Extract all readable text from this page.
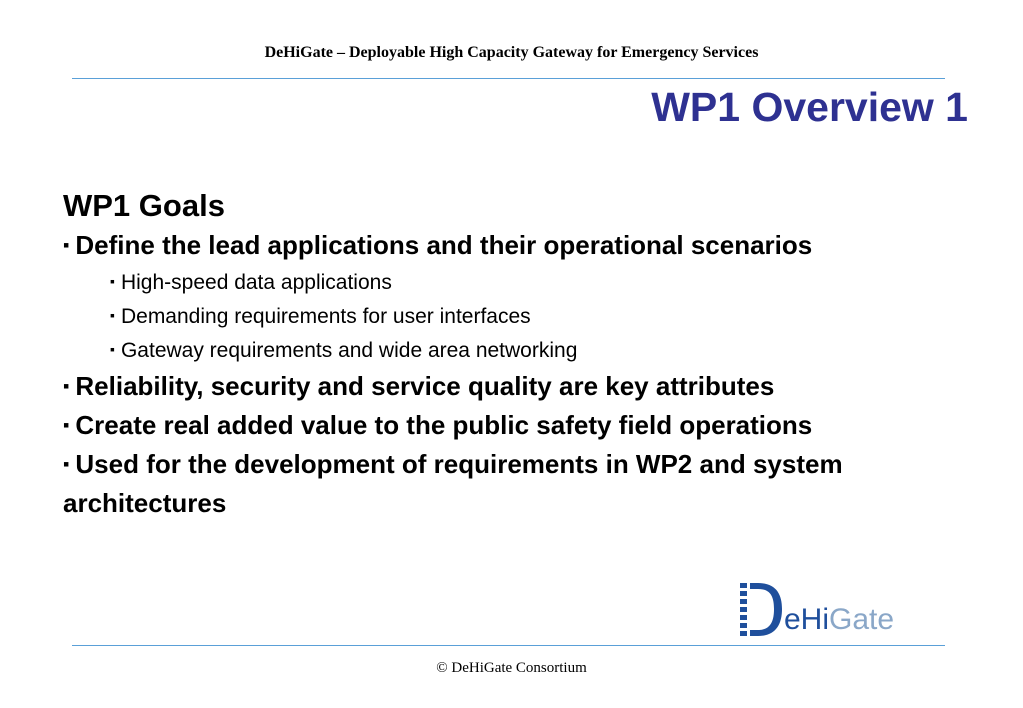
DeHiGate – Deployable High Capacity Gateway for Emergency Services
WP1 Overview 1
WP1 Goals
▪ Define the lead applications and their operational scenarios
▪ High-speed data applications
▪ Demanding requirements for user interfaces
▪ Gateway requirements and wide area networking
▪ Reliability, security and service quality are key attributes
▪ Create real added value to the public safety field operations
▪ Used for the development of requirements in WP2 and system architectures
eHiGate
© DeHiGate Consortium
